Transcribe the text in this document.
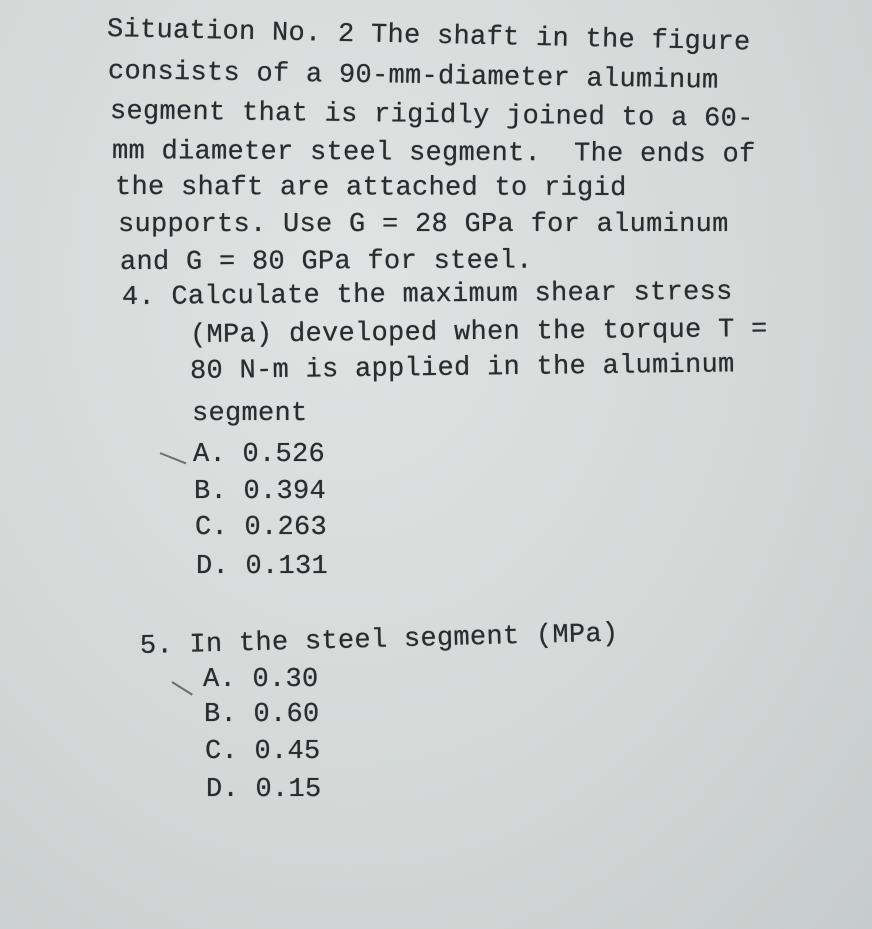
Situation No. 2 The shaft in the figure
consists of a 90-mm-diameter aluminum
segment that is rigidly joined to a 60-
mm diameter steel segment.  The ends of
the shaft are attached to rigid
supports. Use G = 28 GPa for aluminum
and G = 80 GPa for steel.
4. Calculate the maximum shear stress
(MPa) developed when the torque T =
80 N-m is applied in the aluminum
segment
A. 0.526
B. 0.394
C. 0.263
D. 0.131
5. In the steel segment (MPa)
A. 0.30
B. 0.60
C. 0.45
D. 0.15
